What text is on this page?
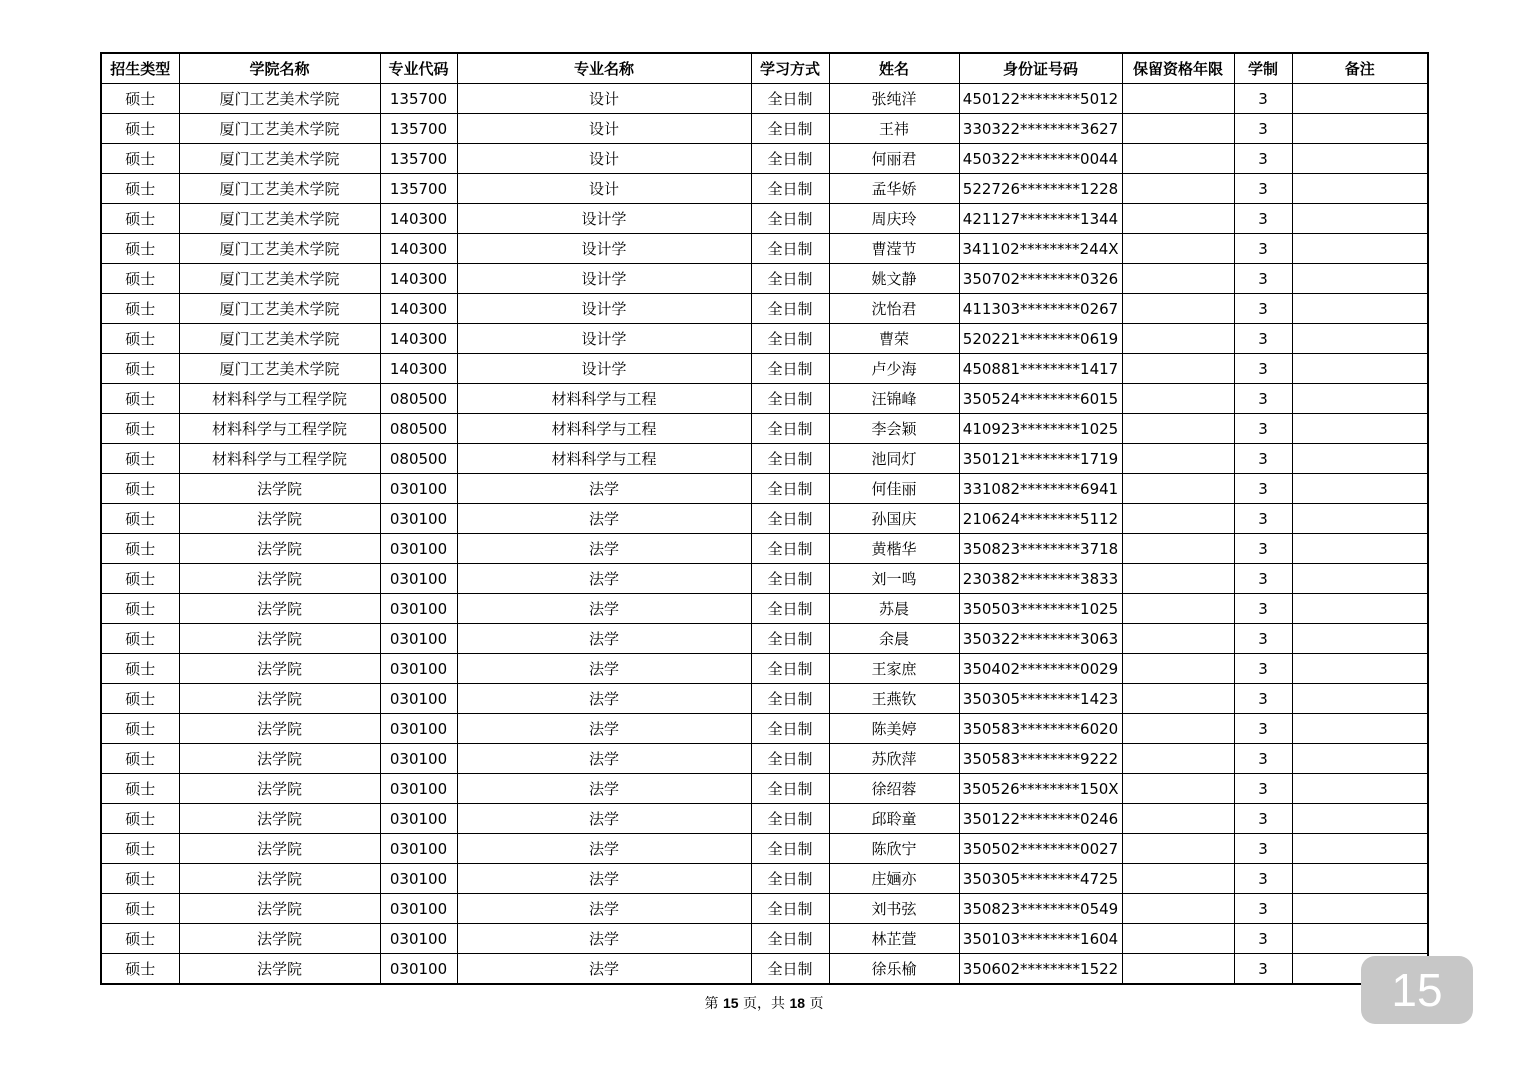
招生类型	学院名称	专业代码	专业名称	学习方式	姓名	身份证号码	保留资格年限	学制	备注
硕士	厦门工艺美术学院	135700	设计	全日制	张纯洋	450122********5012		3	
硕士	厦门工艺美术学院	135700	设计	全日制	王祎	330322********3627		3	
硕士	厦门工艺美术学院	135700	设计	全日制	何丽君	450322********0044		3	
硕士	厦门工艺美术学院	135700	设计	全日制	孟华娇	522726********1228		3	
硕士	厦门工艺美术学院	140300	设计学	全日制	周庆玲	421127********1344		3	
硕士	厦门工艺美术学院	140300	设计学	全日制	曹滢节	341102********244X		3	
硕士	厦门工艺美术学院	140300	设计学	全日制	姚文静	350702********0326		3	
硕士	厦门工艺美术学院	140300	设计学	全日制	沈怡君	411303********0267		3	
硕士	厦门工艺美术学院	140300	设计学	全日制	曹荣	520221********0619		3	
硕士	厦门工艺美术学院	140300	设计学	全日制	卢少海	450881********1417		3	
硕士	材料科学与工程学院	080500	材料科学与工程	全日制	汪锦峰	350524********6015		3	
硕士	材料科学与工程学院	080500	材料科学与工程	全日制	李会颖	410923********1025		3	
硕士	材料科学与工程学院	080500	材料科学与工程	全日制	池同灯	350121********1719		3	
硕士	法学院	030100	法学	全日制	何佳丽	331082********6941		3	
硕士	法学院	030100	法学	全日制	孙国庆	210624********5112		3	
硕士	法学院	030100	法学	全日制	黄楷华	350823********3718		3	
硕士	法学院	030100	法学	全日制	刘一鸣	230382********3833		3	
硕士	法学院	030100	法学	全日制	苏晨	350503********1025		3	
硕士	法学院	030100	法学	全日制	余晨	350322********3063		3	
硕士	法学院	030100	法学	全日制	王家庶	350402********0029		3	
硕士	法学院	030100	法学	全日制	王燕钦	350305********1423		3	
硕士	法学院	030100	法学	全日制	陈美婷	350583********6020		3	
硕士	法学院	030100	法学	全日制	苏欣萍	350583********9222		3	
硕士	法学院	030100	法学	全日制	徐绍蓉	350526********150X		3	
硕士	法学院	030100	法学	全日制	邱聆童	350122********0246		3	
硕士	法学院	030100	法学	全日制	陈欣宁	350502********0027		3	
硕士	法学院	030100	法学	全日制	庄婳亦	350305********4725		3	
硕士	法学院	030100	法学	全日制	刘书弦	350823********0549		3	
硕士	法学院	030100	法学	全日制	林芷萱	350103********1604		3	
硕士	法学院	030100	法学	全日制	徐乐榆	350602********1522		3	
第 15 页，共 18 页	15
